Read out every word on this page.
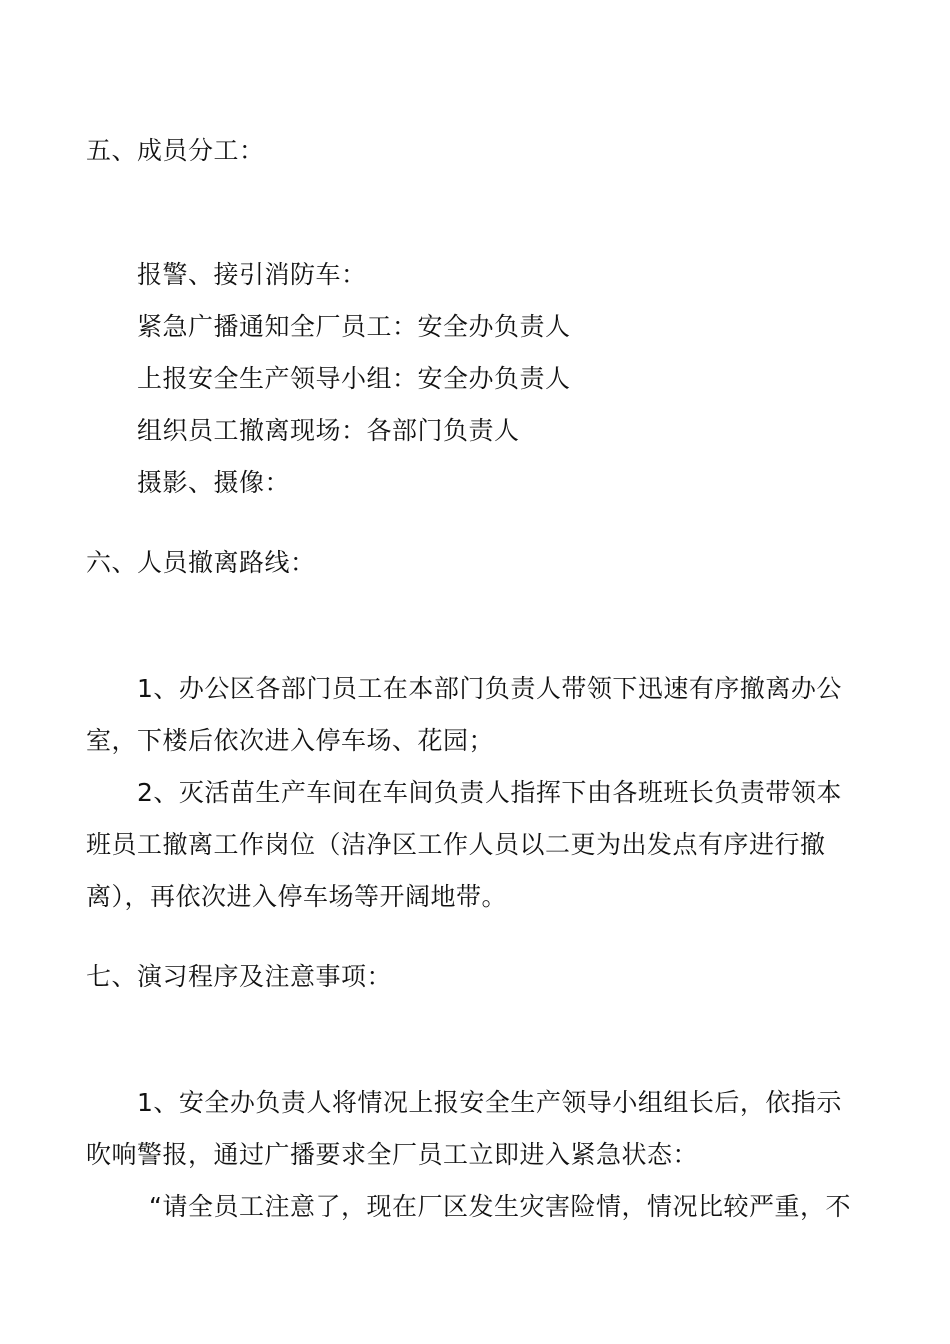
五、成员分工：
报警、接引消防车：
紧急广播通知全厂员工：安全办负责人
上报安全生产领导小组：安全办负责人
组织员工撤离现场：各部门负责人
摄影、摄像：
六、人员撤离路线：
1、办公区各部门员工在本部门负责人带领下迅速有序撤离办公
室，下楼后依次进入停车场、花园；
2、灭活苗生产车间在车间负责人指挥下由各班班长负责带领本
班员工撤离工作岗位（洁净区工作人员以二更为出发点有序进行撤
离），再依次进入停车场等开阔地带。
七、演习程序及注意事项：
1、安全办负责人将情况上报安全生产领导小组组长后，依指示
吹响警报，通过广播要求全厂员工立即进入紧急状态：
“请全员工注意了，现在厂区发生灾害险情，情况比较严重，不
